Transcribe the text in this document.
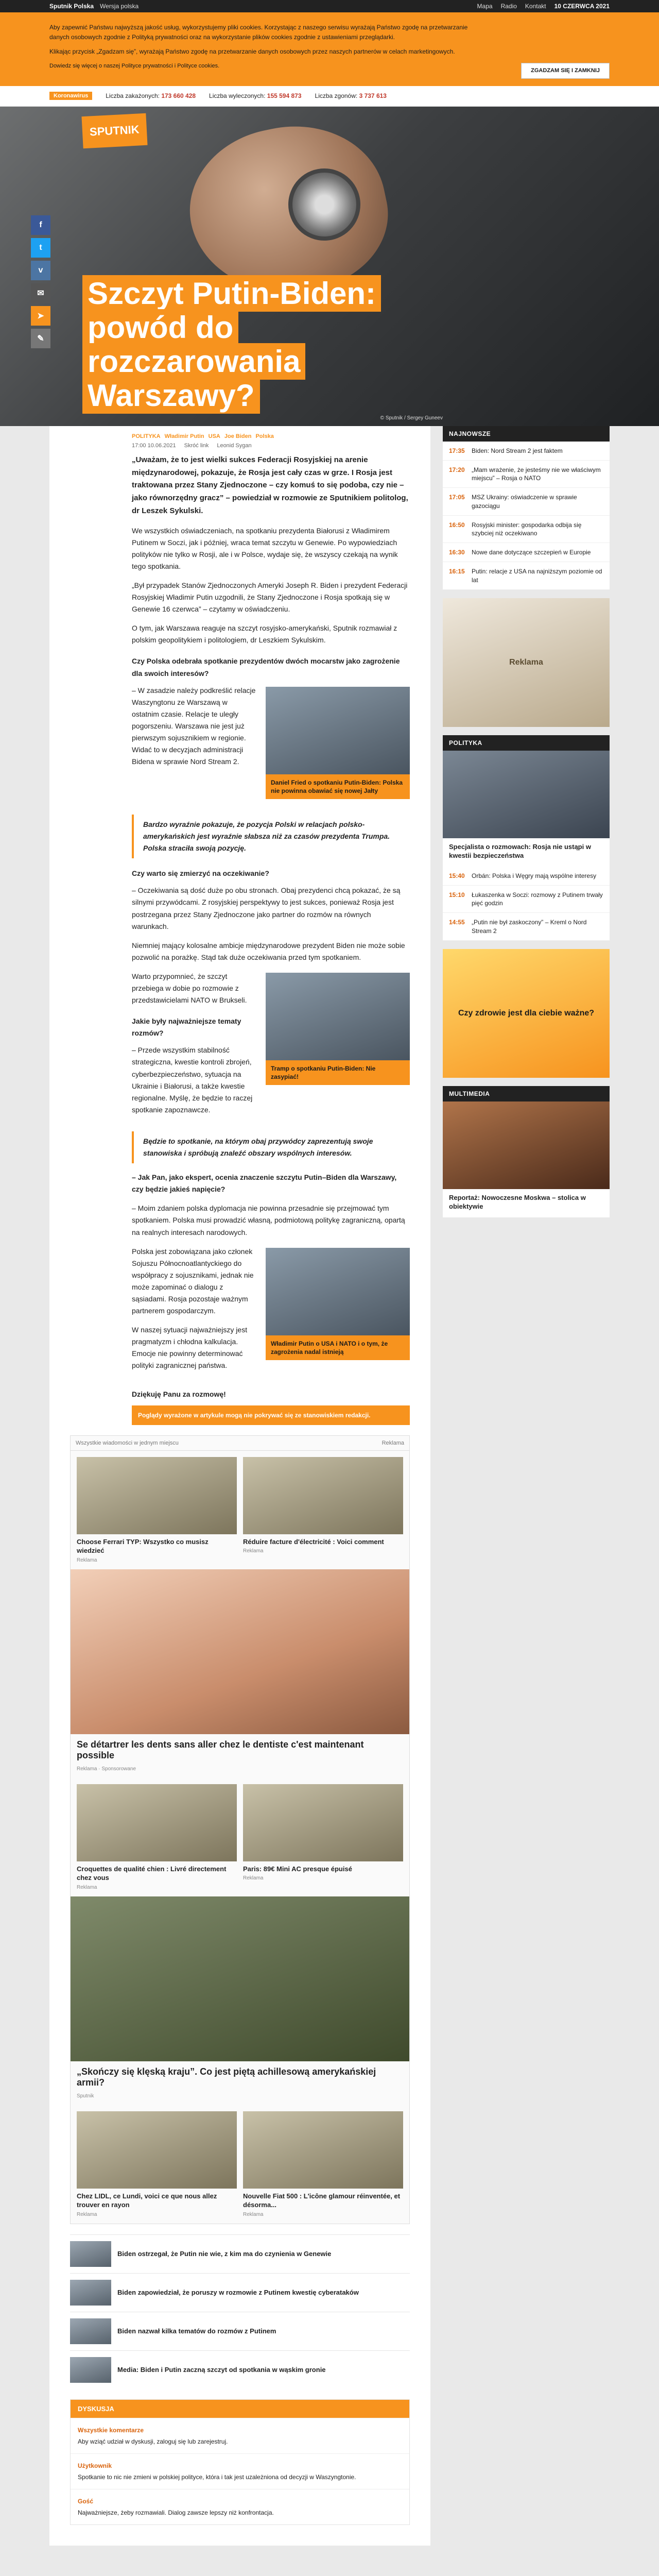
Sputnik Polska Wersja polska	Mapa Radio Kontakt 10 CZERWCA 2021

Aby zapewnić Państwu najwyższą jakość usług, wykorzystujemy pliki cookies. Korzystając z naszego serwisu wyrażają Państwo zgodę na przetwarzanie danych osobowych zgodnie z Polityką prywatności oraz na wykorzystanie plików cookies zgodnie z ustawieniami przeglądarki.

Klikając przycisk „Zgadzam się”, wyrażają Państwo zgodę na przetwarzanie danych osobowych przez naszych partnerów w celach marketingowych.

Dowiedz się więcej o naszej Polityce prywatności i Polityce cookies.

ZGADZAM SIĘ I ZAMKNIJ
Koronawirus	Liczba zakażonych: 173 660 428 Liczba wyleczonych: 155 594 873 Liczba zgonów: 3 737 613
SPUTNIK
Szczyt Putin-Biden: powód do rozczarowania Warszawy?
© Sputnik / Sergey Guneev
f
t
v
✉
➤
✎
POLITYKA Władimir Putin USA Joe Biden Polska
17:00 10.06.2021 Skróć link Leonid Sygan

„Uważam, że to jest wielki sukces Federacji Rosyjskiej na arenie międzynarodowej, pokazuje, że Rosja jest cały czas w grze. I Rosja jest traktowana przez Stany Zjednoczone – czy komuś to się podoba, czy nie – jako równorzędny gracz” – powiedział w rozmowie ze Sputnikiem politolog, dr Leszek Sykulski.

We wszystkich oświadczeniach, na spotkaniu prezydenta Białorusi z Władimirem Putinem w Soczi, jak i później, wraca temat szczytu w Genewie. Po wypowiedziach polityków nie tylko w Rosji, ale i w Polsce, wydaje się, że wszyscy czekają na wynik tego spotkania.

„Był przypadek Stanów Zjednoczonych Ameryki Joseph R. Biden i prezydent Federacji Rosyjskiej Władimir Putin uzgodnili, że Stany Zjednoczone i Rosja spotkają się w Genewie 16 czerwca” – czytamy w oświadczeniu.

O tym, jak Warszawa reaguje na szczyt rosyjsko-amerykański, Sputnik rozmawiał z polskim geopolitykiem i politologiem, dr Leszkiem Sykulskim.

Czy Polska odebrała spotkanie prezydentów dwóch mocarstw jako zagrożenie dla swoich interesów?
Daniel Fried o spotkaniu Putin-Biden: Polska nie powinna obawiać się nowej Jałty

– W zasadzie należy podkreślić relacje Waszyngtonu ze Warszawą w ostatnim czasie. Relacje te uległy pogorszeniu. Warszawa nie jest już pierwszym sojusznikiem w regionie. Widać to w decyzjach administracji Bidena w sprawie Nord Stream 2.

Bardzo wyraźnie pokazuje, że pozycja Polski w relacjach polsko-amerykańskich jest wyraźnie słabsza niż za czasów prezydenta Trumpa. Polska straciła swoją pozycję.
Czy warto się zmierzyć na oczekiwanie?

– Oczekiwania są dość duże po obu stronach. Obaj prezydenci chcą pokazać, że są silnymi przywódcami. Z rosyjskiej perspektywy to jest sukces, ponieważ Rosja jest postrzegana przez Stany Zjednoczone jako partner do rozmów na równych warunkach.

Niemniej mający kolosalne ambicje międzynarodowe prezydent Biden nie może sobie pozwolić na porażkę. Stąd tak duże oczekiwania przed tym spotkaniem.

Tramp o spotkaniu Putin-Biden: Nie zasypiać!

Warto przypomnieć, że szczyt przebiega w dobie po rozmowie z przedstawicielami NATO w Brukseli.

Jakie były najważniejsze tematy rozmów?

– Przede wszystkim stabilność strategiczna, kwestie kontroli zbrojeń, cyberbezpieczeństwo, sytuacja na Ukrainie i Białorusi, a także kwestie regionalne. Myślę, że będzie to raczej spotkanie zapoznawcze.

Będzie to spotkanie, na którym obaj przywódcy zaprezentują swoje stanowiska i spróbują znaleźć obszary wspólnych interesów.

– Jak Pan, jako ekspert, ocenia znaczenie szczytu Putin–Biden dla Warszawy, czy będzie jakieś napięcie?

– Moim zdaniem polska dyplomacja nie powinna przesadnie się przejmować tym spotkaniem. Polska musi prowadzić własną, podmiotową politykę zagraniczną, opartą na realnych interesach narodowych.

Władimir Putin o USA i NATO i o tym, że zagrożenia nadal istnieją

Polska jest zobowiązana jako członek Sojuszu Północnoatlantyckiego do współpracy z sojusznikami, jednak nie może zapominać o dialogu z sąsiadami. Rosja pozostaje ważnym partnerem gospodarczym.

W naszej sytuacji najważniejszy jest pragmatyzm i chłodna kalkulacja. Emocje nie powinny determinować polityki zagranicznej państwa.

Dziękuję Panu za rozmowę!
Poglądy wyrażone w artykule mogą nie pokrywać się ze stanowiskiem redakcji.
Wszystkie wiadomości w jednym miejscu	Reklama
Choose Ferrari TYP: Wszystko co musisz wiedzieć
Reklama
Réduire facture d'électricité : Voici comment
Reklama
Se détartrer les dents sans aller chez le dentiste c'est maintenant possible
Reklama · Sponsorowane
Croquettes de qualité chien : Livré directement chez vous
Reklama
Paris: 89€ Mini AC presque épuisé
Reklama
„Skończy się klęską kraju”. Co jest piętą achillesową amerykańskiej armii?
Sputnik
Chez LIDL, ce Lundi, voici ce que nous allez trouver en rayon
Reklama
Nouvelle Fiat 500 : L'icône glamour réinventée, et désorma...
Reklama
Biden ostrzegał, że Putin nie wie, z kim ma do czynienia w Genewie
Biden zapowiedział, że poruszy w rozmowie z Putinem kwestię cyberataków
Biden nazwał kilka tematów do rozmów z Putinem
Media: Biden i Putin zaczną szczyt od spotkania w wąskim gronie
DYSKUSJA
Wszystkie komentarze
Aby wziąć udział w dyskusji, zaloguj się lub zarejestruj.
Użytkownik
Spotkanie to nic nie zmieni w polskiej polityce, która i tak jest uzależniona od decyzji w Waszyngtonie.
Gość
Najważniejsze, żeby rozmawiali. Dialog zawsze lepszy niż konfrontacja.
NAJNOWSZE
17:35 Biden: Nord Stream 2 jest faktem
17:20 „Mam wrażenie, że jesteśmy nie we właściwym miejscu” – Rosja o NATO
17:05 MSZ Ukrainy: oświadczenie w sprawie gazociągu
16:50 Rosyjski minister: gospodarka odbija się szybciej niż oczekiwano
16:30 Nowe dane dotyczące szczepień w Europie
16:15 Putin: relacje z USA na najniższym poziomie od lat
Reklama
POLITYKA
Specjalista o rozmowach: Rosja nie ustąpi w kwestii bezpieczeństwa
15:40 Orbán: Polska i Węgry mają wspólne interesy
15:10 Łukaszenka w Soczi: rozmowy z Putinem trwały pięć godzin
14:55 „Putin nie był zaskoczony” – Kreml o Nord Stream 2
Czy zdrowie jest dla ciebie ważne?
MULTIMEDIA
Reportaż: Nowoczesne Moskwa – stolica w obiektywie
